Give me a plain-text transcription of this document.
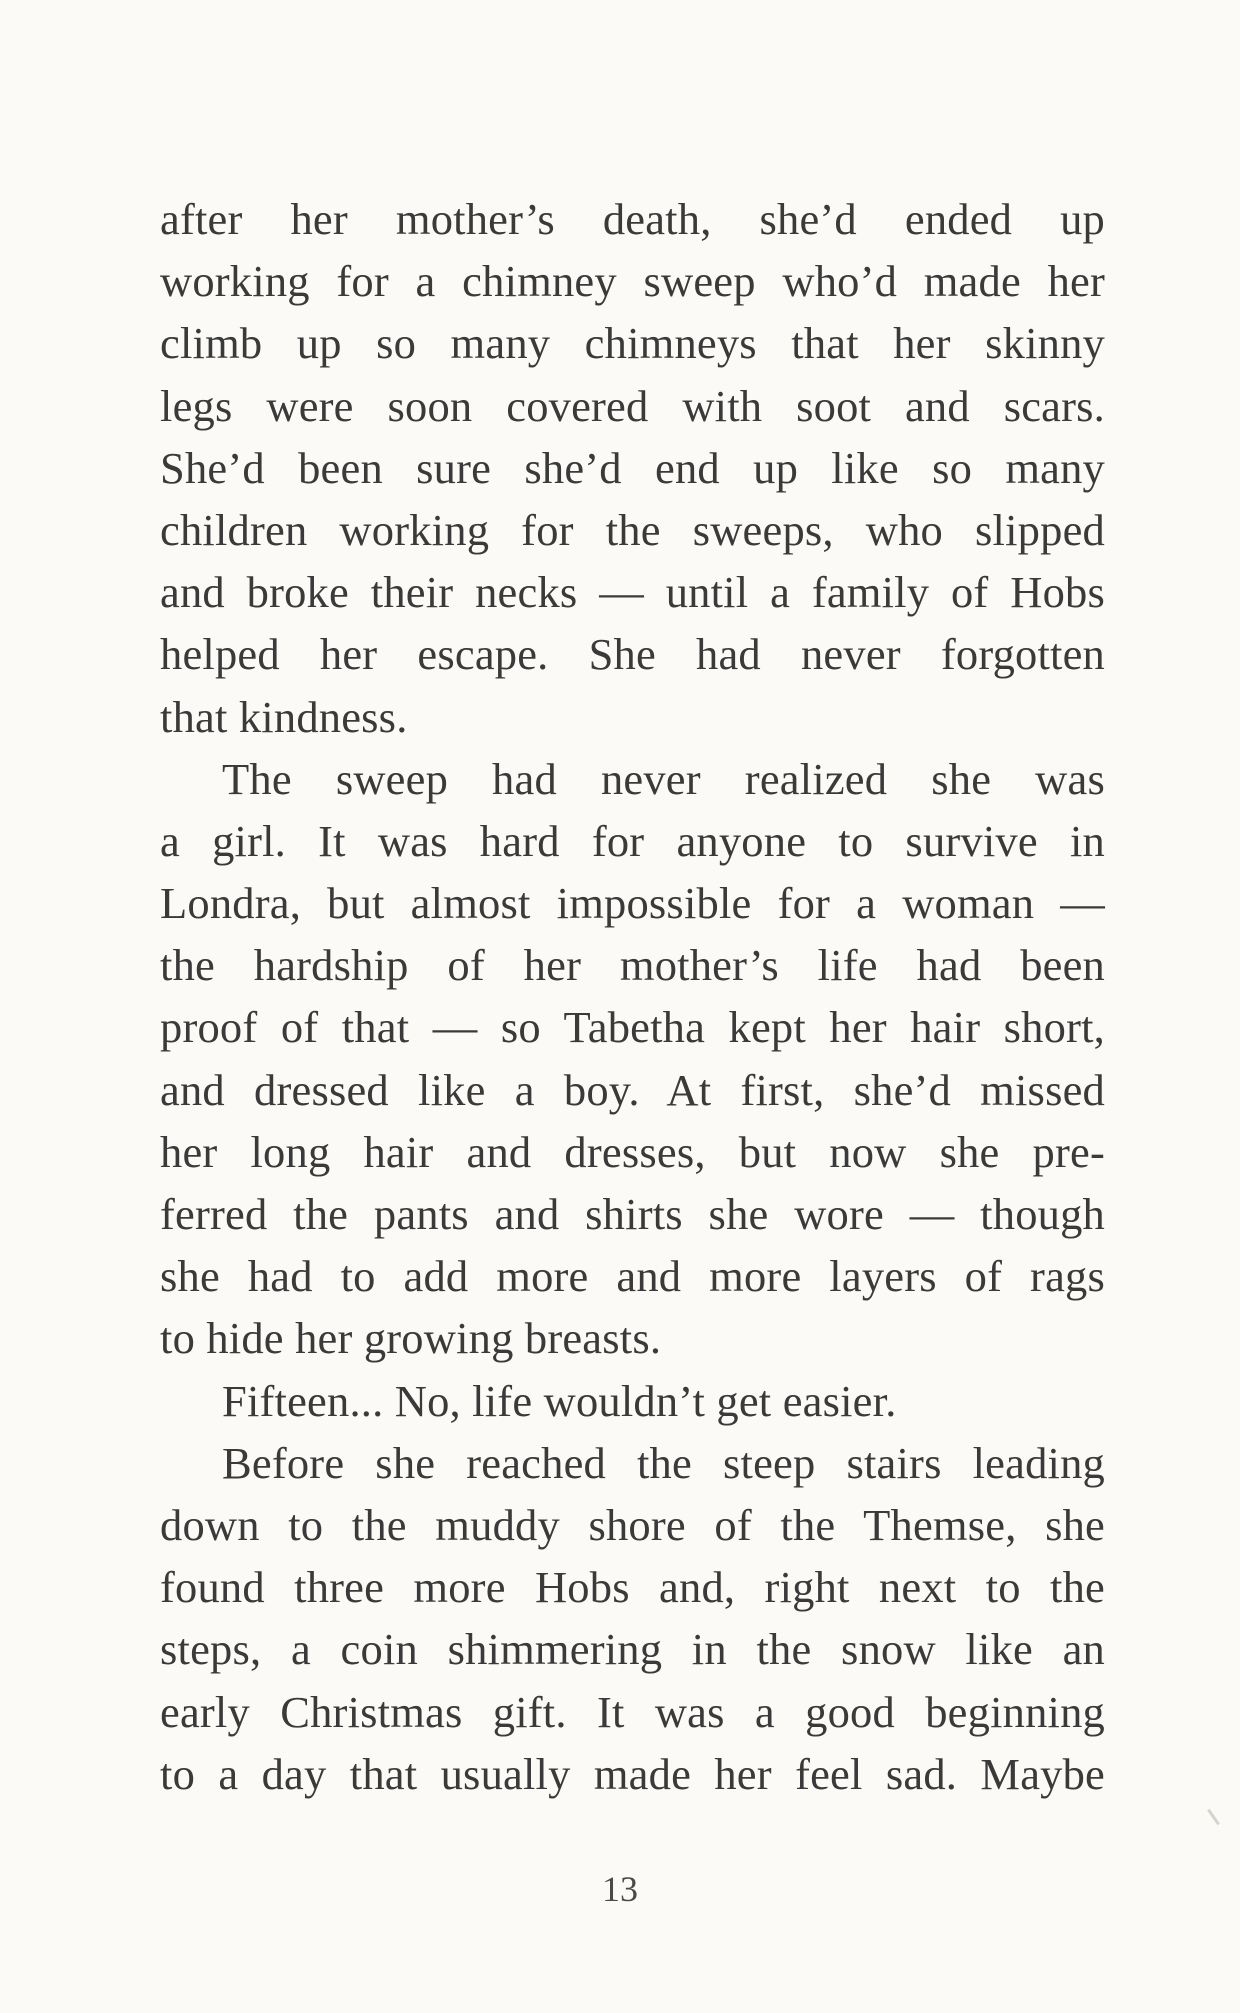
after her mother’s death, she’d ended up
working for a chimney sweep who’d made her
climb up so many chimneys that her skinny
legs were soon covered with soot and scars.
She’d been sure she’d end up like so many
children working for the sweeps, who slipped
and broke their necks — until a family of Hobs
helped her escape. She had never forgotten
that kindness.
The sweep had never realized she was
a girl. It was hard for anyone to survive in
Londra, but almost impossible for a woman —
the hardship of her mother’s life had been
proof of that — so Tabetha kept her hair short,
and dressed like a boy. At first, she’d missed
her long hair and dresses, but now she pre-
ferred the pants and shirts she wore — though
she had to add more and more layers of rags
to hide her growing breasts.
Fifteen... No, life wouldn’t get easier.
Before she reached the steep stairs leading
down to the muddy shore of the Themse, she
found three more Hobs and, right next to the
steps, a coin shimmering in the snow like an
early Christmas gift. It was a good beginning
to a day that usually made her feel sad. Maybe
13
